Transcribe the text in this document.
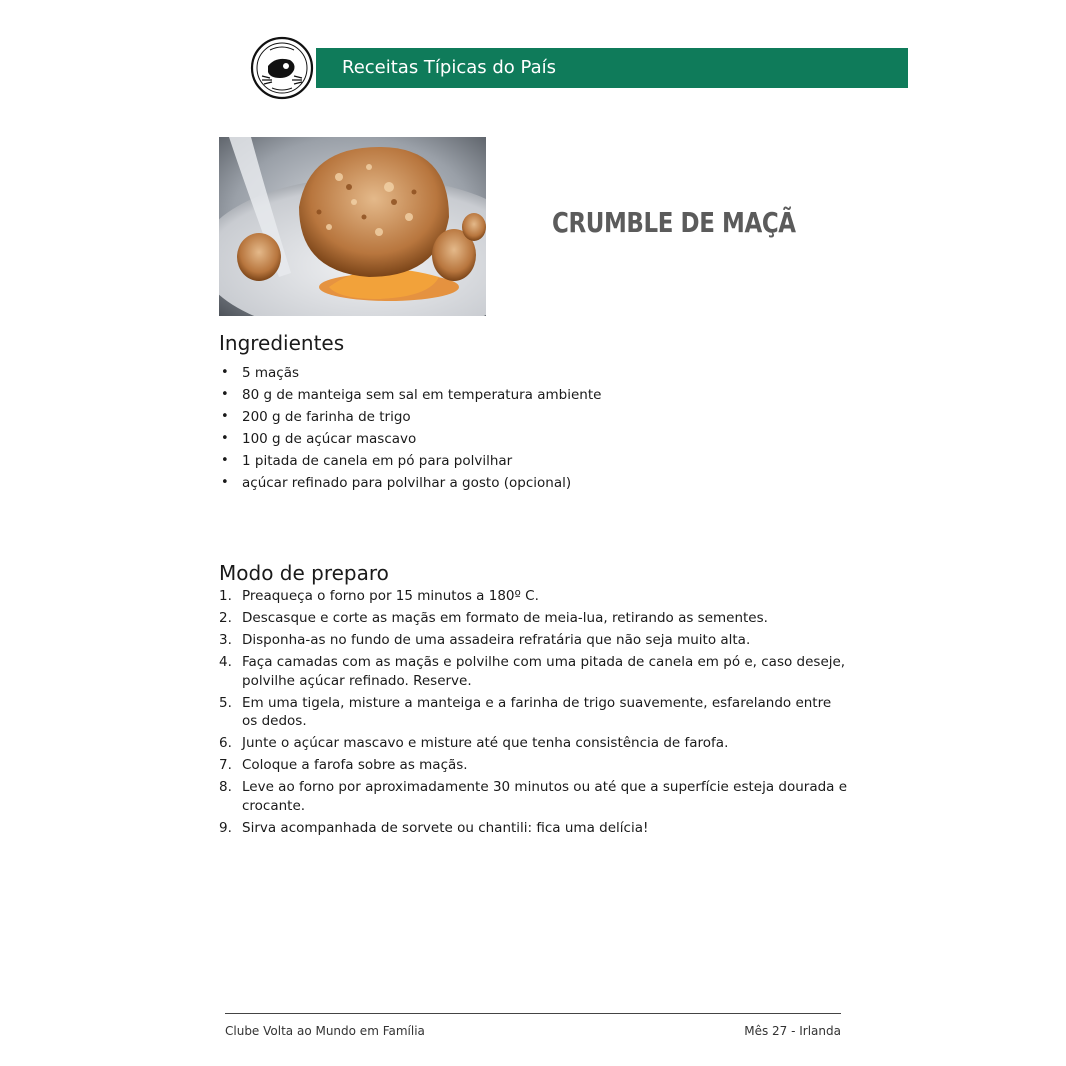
Receitas Típicas do País
CRUMBLE DE MAÇÃ
Ingredientes
• 5 maçãs
• 80 g de manteiga sem sal em temperatura ambiente
• 200 g de farinha de trigo
• 100 g de açúcar mascavo
• 1 pitada de canela em pó para polvilhar
• açúcar refinado para polvilhar a gosto (opcional)
Modo de preparo
1. Preaqueça o forno por 15 minutos a 180º C.
2. Descasque e corte as maçãs em formato de meia-lua, retirando as sementes.
3. Disponha-as no fundo de uma assadeira refratária que não seja muito alta.
4. Faça camadas com as maçãs e polvilhe com uma pitada de canela em pó e, caso deseje, polvilhe açúcar refinado. Reserve.
5. Em uma tigela, misture a manteiga e a farinha de trigo suavemente, esfarelando entre os dedos.
6. Junte o açúcar mascavo e misture até que tenha consistência de farofa.
7. Coloque a farofa sobre as maçãs.
8. Leve ao forno por aproximadamente 30 minutos ou até que a superfície esteja dourada e crocante.
9. Sirva acompanhada de sorvete ou chantili: fica uma delícia!
Clube Volta ao Mundo em Família	Mês 27 - Irlanda
